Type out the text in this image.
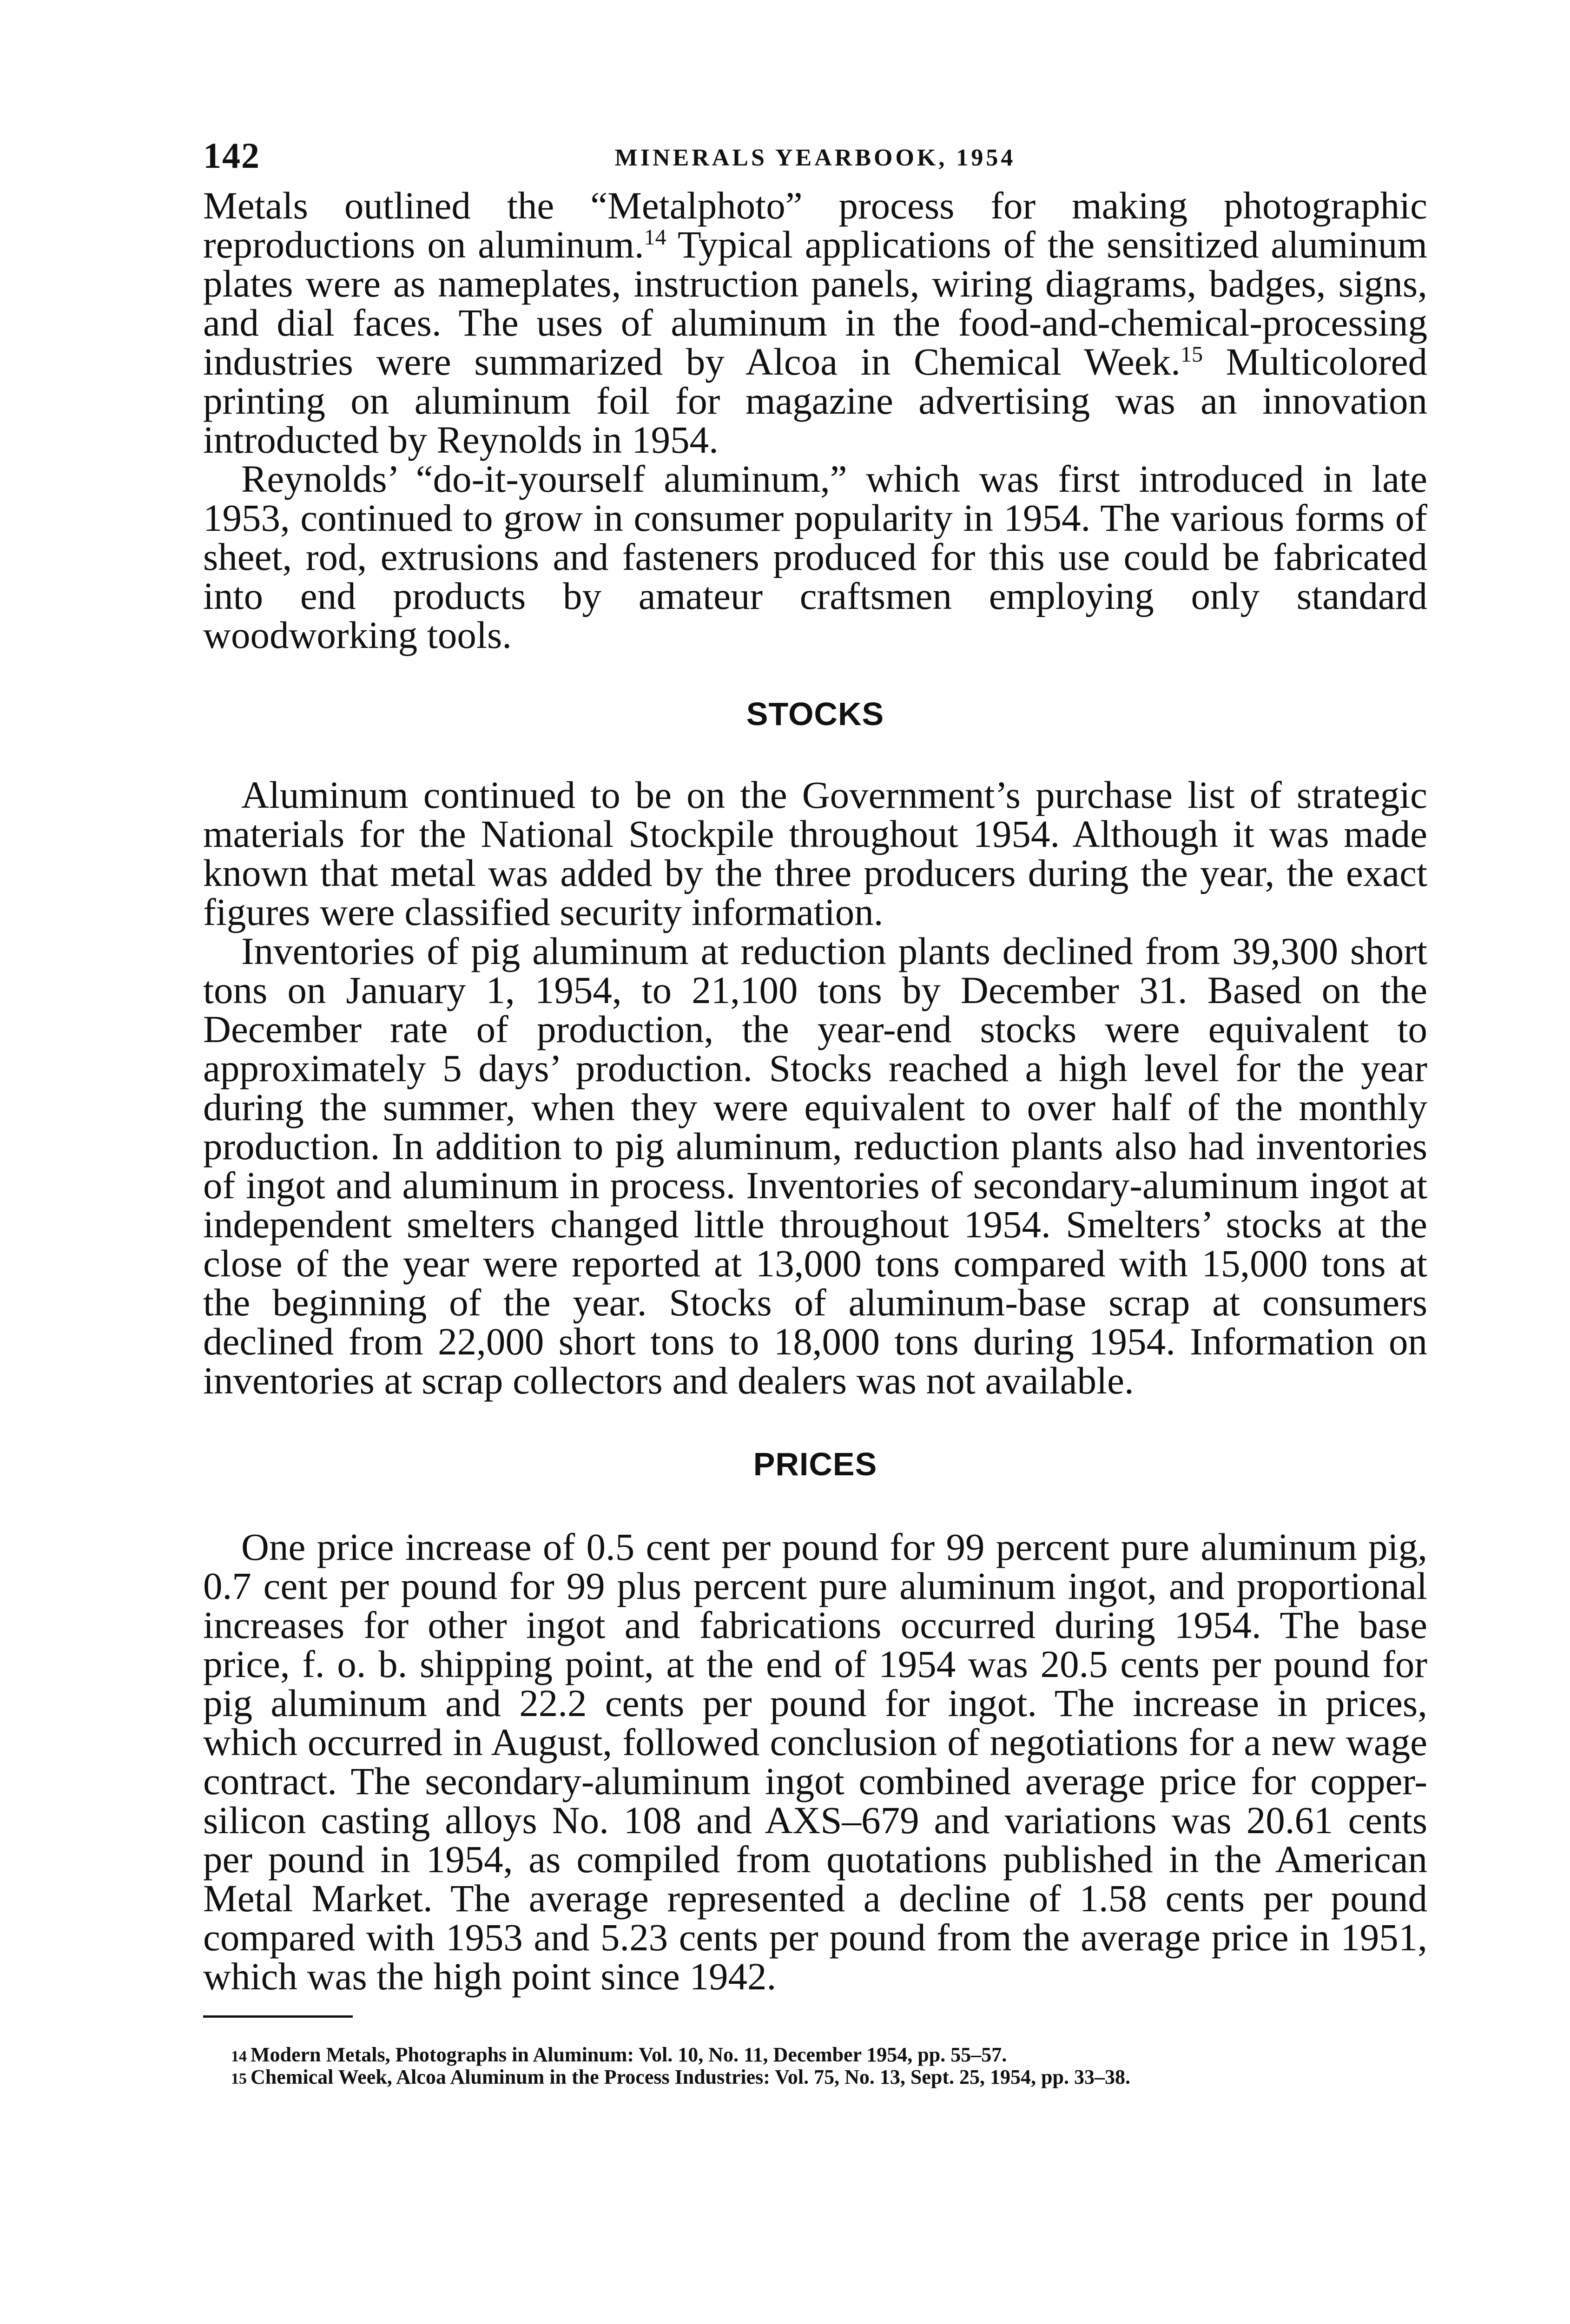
142	MINERALS YEARBOOK, 1954

Metals outlined the “Metalphoto” process for making photographic reproductions on aluminum.$^{14}$ Typical applications of the sensitized aluminum plates were as nameplates, instruction panels, wiring diagrams, badges, signs, and dial faces. The uses of aluminum in the food-and-chemical-processing industries were summarized by Alcoa in Chemical Week.$^{15}$ Multicolored printing on aluminum foil for magazine advertising was an innovation introducted by Reynolds in 1954.

Reynolds’ “do-it-yourself aluminum,” which was first introduced in late 1953, continued to grow in consumer popularity in 1954. The various forms of sheet, rod, extrusions and fasteners produced for this use could be fabricated into end products by amateur craftsmen employing only standard woodworking tools.

STOCKS

Aluminum continued to be on the Government’s purchase list of strategic materials for the National Stockpile throughout 1954. Although it was made known that metal was added by the three producers during the year, the exact figures were classified security information.

Inventories of pig aluminum at reduction plants declined from 39,300 short tons on January 1, 1954, to 21,100 tons by December 31. Based on the December rate of production, the year-end stocks were equivalent to approximately 5 days’ production. Stocks reached a high level for the year during the summer, when they were equivalent to over half of the monthly production. In addition to pig aluminum, reduction plants also had inventories of ingot and aluminum in process. Inventories of secondary-aluminum ingot at independent smelters changed little throughout 1954. Smelters’ stocks at the close of the year were reported at 13,000 tons compared with 15,000 tons at the beginning of the year. Stocks of aluminum-base scrap at consumers declined from 22,000 short tons to 18,000 tons during 1954. Information on inventories at scrap collectors and dealers was not available.

PRICES

One price increase of 0.5 cent per pound for 99 percent pure aluminum pig, 0.7 cent per pound for 99 plus percent pure aluminum ingot, and proportional increases for other ingot and fabrications occurred during 1954. The base price, f. o. b. shipping point, at the end of 1954 was 20.5 cents per pound for pig aluminum and 22.2 cents per pound for ingot. The increase in prices, which occurred in August, followed conclusion of negotiations for a new wage contract. The secondary-aluminum ingot combined average price for copper-silicon casting alloys No. 108 and AXS–679 and variations was 20.61 cents per pound in 1954, as compiled from quotations published in the American Metal Market. The average represented a decline of 1.58 cents per pound compared with 1953 and 5.23 cents per pound from the average price in 1951, which was the high point since 1942.

14 Modern Metals, Photographs in Aluminum: Vol. 10, No. 11, December 1954, pp. 55–57.
15 Chemical Week, Alcoa Aluminum in the Process Industries: Vol. 75, No. 13, Sept. 25, 1954, pp. 33–38.
